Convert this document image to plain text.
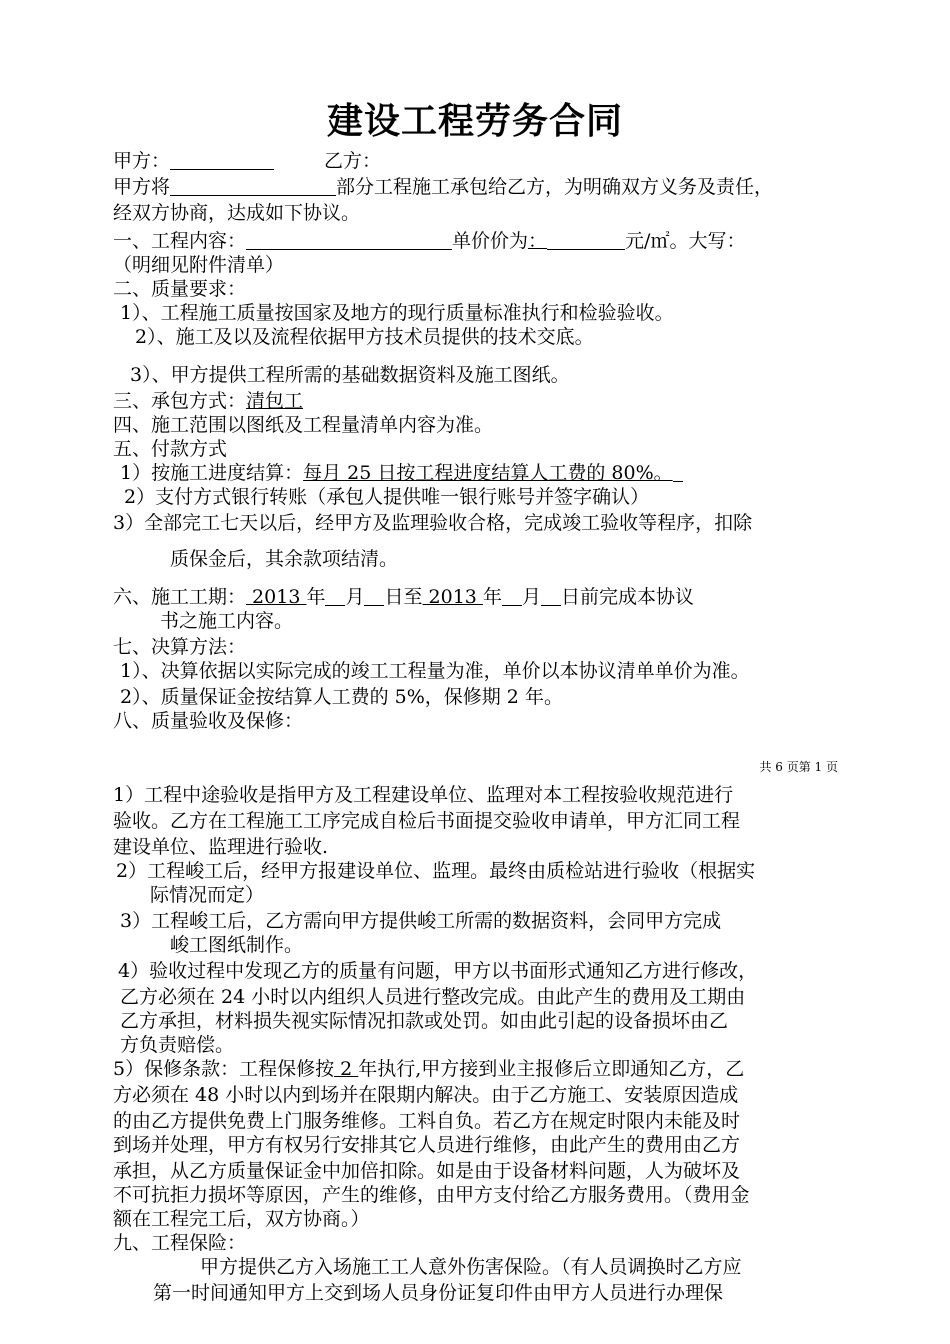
建设工程劳务合同
甲方：	乙方：
甲方将	部分工程施工承包给乙方，为明确双方义务及责任，
经双方协商，达成如下协议。
一、工程内容：	单价价为：	元/㎡。大写：
（明细见附件清单）
二、质量要求：
1）、工程施工质量按国家及地方的现行质量标准执行和检验验收。
2）、施工及以及流程依据甲方技术员提供的技术交底。
3）、甲方提供工程所需的基础数据资料及施工图纸。
三、承包方式：清包工
四、施工范围以图纸及工程量清单内容为准。
五、付款方式
1）按施工进度结算：每月 25 日按工程进度结算人工费的 80%。
2）支付方式银行转账（承包人提供唯一银行账号并签字确认）
3）全部完工七天以后，经甲方及监理验收合格，完成竣工验收等程序，扣除
质保金后，其余款项结清。
六、施工工期： 2013 年 月 日至 2013 年 月 日前完成本协议
书之施工内容。
七、决算方法：
1）、决算依据以实际完成的竣工工程量为准，单价以本协议清单单价为准。
2）、质量保证金按结算人工费的 5%，保修期 2 年。
八、质量验收及保修：
共 6 页第 1 页
1）工程中途验收是指甲方及工程建设单位、监理对本工程按验收规范进行
验收。乙方在工程施工工序完成自检后书面提交验收申请单，甲方汇同工程
建设单位、监理进行验收.
2）工程峻工后，经甲方报建设单位、监理。最终由质检站进行验收（根据实
际情况而定）
3）工程峻工后，乙方需向甲方提供峻工所需的数据资料，会同甲方完成
峻工图纸制作。
4）验收过程中发现乙方的质量有问题，甲方以书面形式通知乙方进行修改，
乙方必须在 24 小时以内组织人员进行整改完成。由此产生的费用及工期由
乙方承担，材料损失视实际情况扣款或处罚。如由此引起的设备损坏由乙
方负责赔偿。
5）保修条款：工程保修按 2 年执行,甲方接到业主报修后立即通知乙方，乙
方必须在 48 小时以内到场并在限期内解决。由于乙方施工、安装原因造成
的由乙方提供免费上门服务维修。工料自负。若乙方在规定时限内未能及时
到场并处理，甲方有权另行安排其它人员进行维修，由此产生的费用由乙方
承担，从乙方质量保证金中加倍扣除。如是由于设备材料问题，人为破坏及
不可抗拒力损坏等原因，产生的维修，由甲方支付给乙方服务费用。（费用金
额在工程完工后，双方协商。）
九、工程保险：
甲方提供乙方入场施工工人意外伤害保险。（有人员调换时乙方应
第一时间通知甲方上交到场人员身份证复印件由甲方人员进行办理保
